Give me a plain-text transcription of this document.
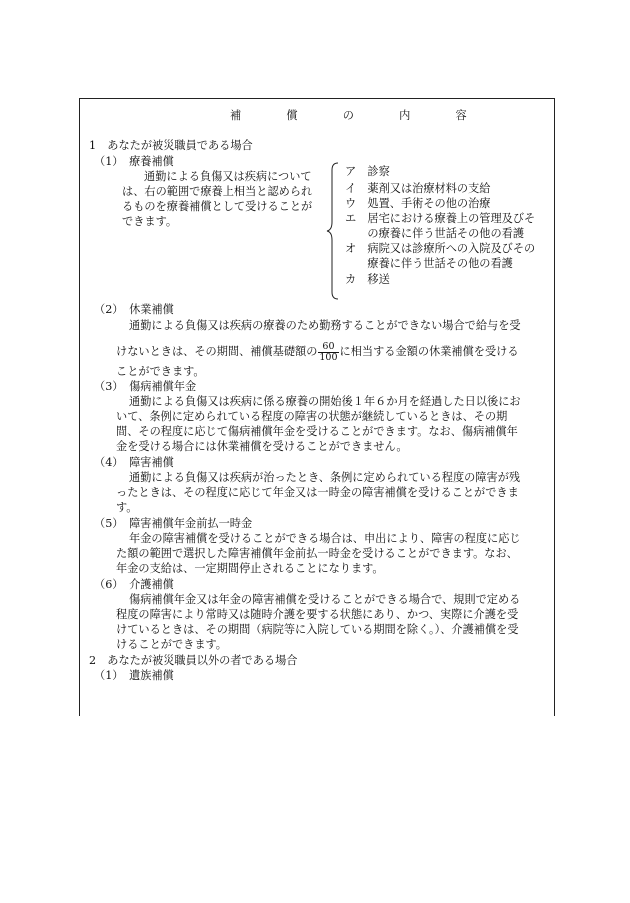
補　償　の　内　容
1　あなたが被災職員である場合
（1）　療養補償
通勤による負傷又は疾病について
は、右の範囲で療養上相当と認められ
るものを療養補償として受けることが
できます。
ア　診察
イ　薬剤又は治療材料の支給
ウ　処置、手術その他の治療
エ　居宅における療養上の管理及びそ
　　の療養に伴う世話その他の看護
オ　病院又は診療所への入院及びその
　　療養に伴う世話その他の看護
カ　移送
（2）　休業補償
通勤による負傷又は疾病の療養のため勤務することができない場合で給与を受
けないときは、その期間、補償基礎額の $\frac{60}{100}$ に相当する金額の休業補償を受ける
ことができます。
（3）　傷病補償年金
通勤による負傷又は疾病に係る療養の開始後１年６か月を経過した日以後にお
いて、条例に定められている程度の障害の状態が継続しているときは、その期
間、その程度に応じて傷病補償年金を受けることができます。なお、傷病補償年
金を受ける場合には休業補償を受けることができません。
（4）　障害補償
通勤による負傷又は疾病が治ったとき、条例に定められている程度の障害が残
ったときは、その程度に応じて年金又は一時金の障害補償を受けることができま
す。
（5）　障害補償年金前払一時金
年金の障害補償を受けることができる場合は、申出により、障害の程度に応じ
た額の範囲で選択した障害補償年金前払一時金を受けることができます。なお、
年金の支給は、一定期間停止されることになります。
（6）　介護補償
傷病補償年金又は年金の障害補償を受けることができる場合で、規則で定める
程度の障害により常時又は随時介護を要する状態にあり、かつ、実際に介護を受
けているときは、その期間（病院等に入院している期間を除く。）、介護補償を受
けることができます。
2　あなたが被災職員以外の者である場合
（1）　遺族補償
